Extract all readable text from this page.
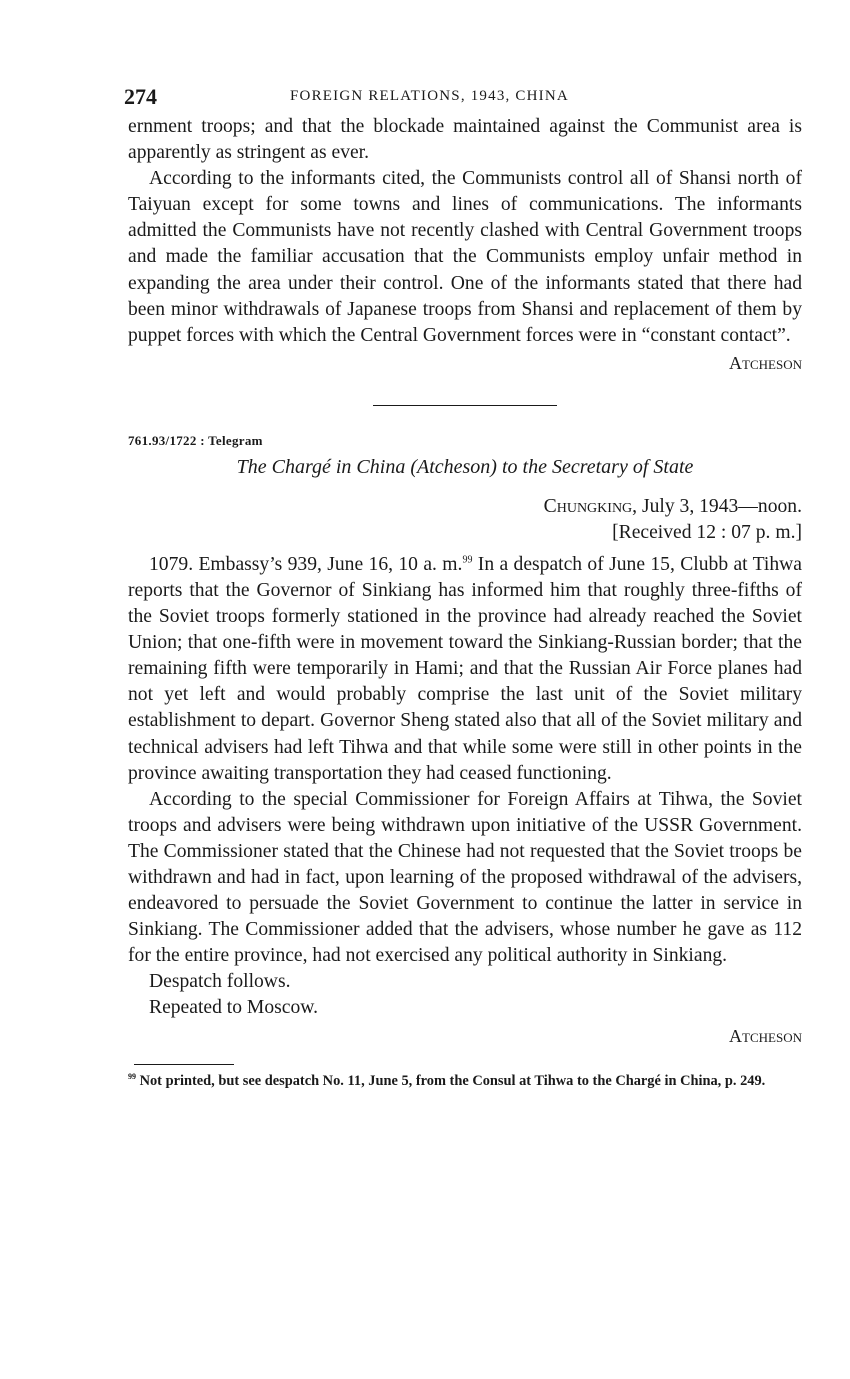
274	FOREIGN RELATIONS, 1943, CHINA

ernment troops; and that the blockade maintained against the Communist area is apparently as stringent as ever.

According to the informants cited, the Communists control all of Shansi north of Taiyuan except for some towns and lines of communications. The informants admitted the Communists have not recently clashed with Central Government troops and made the familiar accusation that the Communists employ unfair method in expanding the area under their control. One of the informants stated that there had been minor withdrawals of Japanese troops from Shansi and replacement of them by puppet forces with which the Central Government forces were in “constant contact”.

Atcheson
761.93/1722 : Telegram
The Chargé in China (Atcheson) to the Secretary of State
Chungking, July 3, 1943—noon.
[Received 12 : 07 p. m.]

1079. Embassy’s 939, June 16, 10 a. m.$^{99}$ In a despatch of June 15, Clubb at Tihwa reports that the Governor of Sinkiang has informed him that roughly three-fifths of the Soviet troops formerly stationed in the province had already reached the Soviet Union; that one-fifth were in movement toward the Sinkiang-Russian border; that the remaining fifth were temporarily in Hami; and that the Russian Air Force planes had not yet left and would probably comprise the last unit of the Soviet military establishment to depart. Governor Sheng stated also that all of the Soviet military and technical advisers had left Tihwa and that while some were still in other points in the province awaiting transportation they had ceased functioning.

According to the special Commissioner for Foreign Affairs at Tihwa, the Soviet troops and advisers were being withdrawn upon initiative of the USSR Government. The Commissioner stated that the Chinese had not requested that the Soviet troops be withdrawn and had in fact, upon learning of the proposed withdrawal of the advisers, endeavored to persuade the Soviet Government to continue the latter in service in Sinkiang. The Commissioner added that the advisers, whose number he gave as 112 for the entire province, had not exercised any political authority in Sinkiang.

Despatch follows.

Repeated to Moscow.

Atcheson

$^{99}$ Not printed, but see despatch No. 11, June 5, from the Consul at Tihwa to the Chargé in China, p. 249.
